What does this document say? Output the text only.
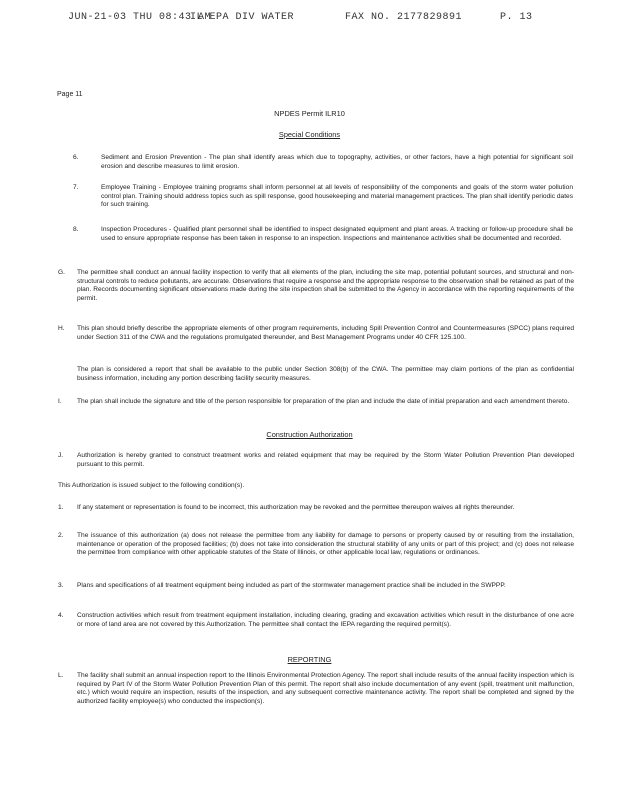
JUN-21-03 THU 08:43 AM
IL EPA DIV WATER	FAX NO. 2177829891	P. 13
Page 11
NPDES Permit ILR10
Special Conditions
6.	Sediment and Erosion Prevention - The plan shall identify areas which due to topography, activities, or other factors, have a high potential for significant soil erosion and describe measures to limit erosion.
7.	Employee Training - Employee training programs shall inform personnel at all levels of responsibility of the components and goals of the storm water pollution control plan. Training should address topics such as spill response, good housekeeping and material management practices. The plan shall identify periodic dates for such training.
8.	Inspection Procedures - Qualified plant personnel shall be identified to inspect designated equipment and plant areas. A tracking or follow-up procedure shall be used to ensure appropriate response has been taken in response to an inspection. Inspections and maintenance activities shall be documented and recorded.
G. The permittee shall conduct an annual facility inspection to verify that all elements of the plan, including the site map, potential pollutant sources, and structural and non-structural controls to reduce pollutants, are accurate. Observations that require a response and the appropriate response to the observation shall be retained as part of the plan. Records documenting significant observations made during the site inspection shall be submitted to the Agency in accordance with the reporting requirements of the permit.
H. This plan should briefly describe the appropriate elements of other program requirements, including Spill Prevention Control and Countermeasures (SPCC) plans required under Section 311 of the CWA and the regulations promulgated thereunder, and Best Management Programs under 40 CFR 125.100.
The plan is considered a report that shall be available to the public under Section 308(b) of the CWA. The permittee may claim portions of the plan as confidential business information, including any portion describing facility security measures.
I. The plan shall include the signature and title of the person responsible for preparation of the plan and include the date of initial preparation and each amendment thereto.
Construction Authorization
J. Authorization is hereby granted to construct treatment works and related equipment that may be required by the Storm Water Pollution Prevention Plan developed pursuant to this permit.
This Authorization is issued subject to the following condition(s).
1. If any statement or representation is found to be incorrect, this authorization may be revoked and the permittee thereupon waives all rights thereunder.
2. The issuance of this authorization (a) does not release the permittee from any liability for damage to persons or property caused by or resulting from the installation, maintenance or operation of the proposed facilities; (b) does not take into consideration the structural stability of any units or part of this project; and (c) does not release the permittee from compliance with other applicable statutes of the State of Illinois, or other applicable local law, regulations or ordinances.
3. Plans and specifications of all treatment equipment being included as part of the stormwater management practice shall be included in the SWPPP.
4. Construction activities which result from treatment equipment installation, including clearing, grading and excavation activities which result in the disturbance of one acre or more of land area are not covered by this Authorization. The permittee shall contact the IEPA regarding the required permit(s).
REPORTING
L. The facility shall submit an annual inspection report to the Illinois Environmental Protection Agency. The report shall include results of the annual facility inspection which is required by Part IV of the Storm Water Pollution Prevention Plan of this permit. The report shall also include documentation of any event (spill, treatment unit malfunction, etc.) which would require an inspection, results of the inspection, and any subsequent corrective maintenance activity. The report shall be completed and signed by the authorized facility employee(s) who conducted the inspection(s).
